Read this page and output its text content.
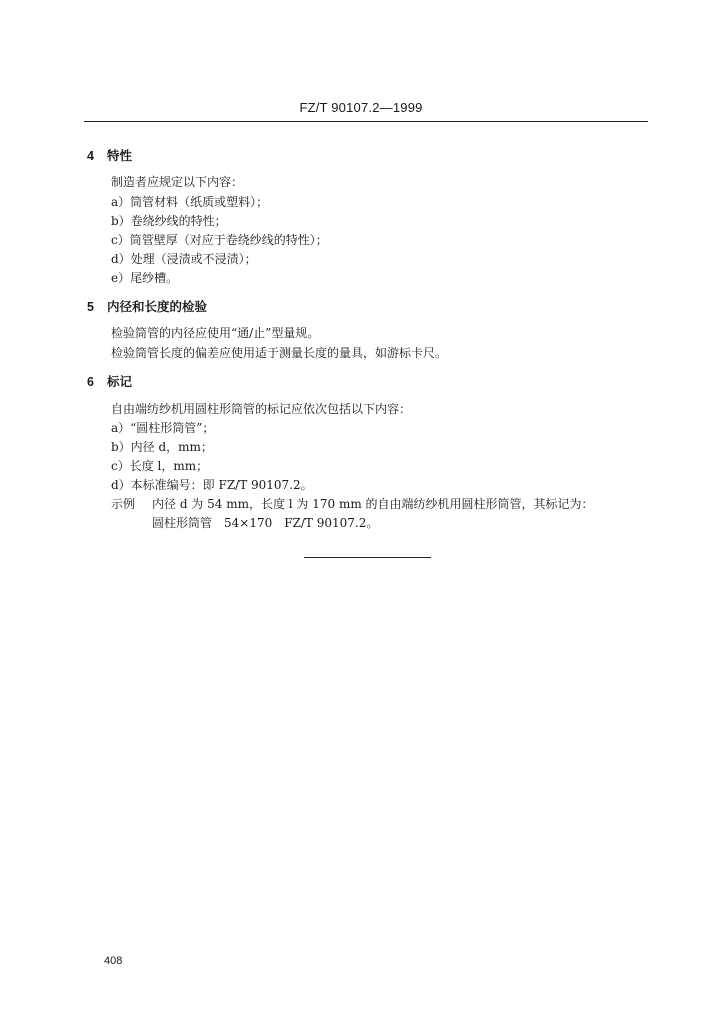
FZ/T 90107.2—1999
4 特性
制造者应规定以下内容：
a）筒管材料（纸质或塑料）；
b）卷绕纱线的特性；
c）筒管壁厚（对应于卷绕纱线的特性）；
d）处理（浸渍或不浸渍）；
e）尾纱槽。
5 内径和长度的检验
检验筒管的内径应使用“通/止”型量规。
检验筒管长度的偏差应使用适于测量长度的量具，如游标卡尺。
6 标记
自由端纺纱机用圆柱形筒管的标记应依次包括以下内容：
a）“圆柱形筒管”；
b）内径 d，mm；
c）长度 l，mm；
d）本标准编号：即 FZ/T 90107.2。
示例 内径 d 为 54 mm，长度 l 为 170 mm 的自由端纺纱机用圆柱形筒管，其标记为：
圆柱形筒管　54×170　FZ/T 90107.2。
408
